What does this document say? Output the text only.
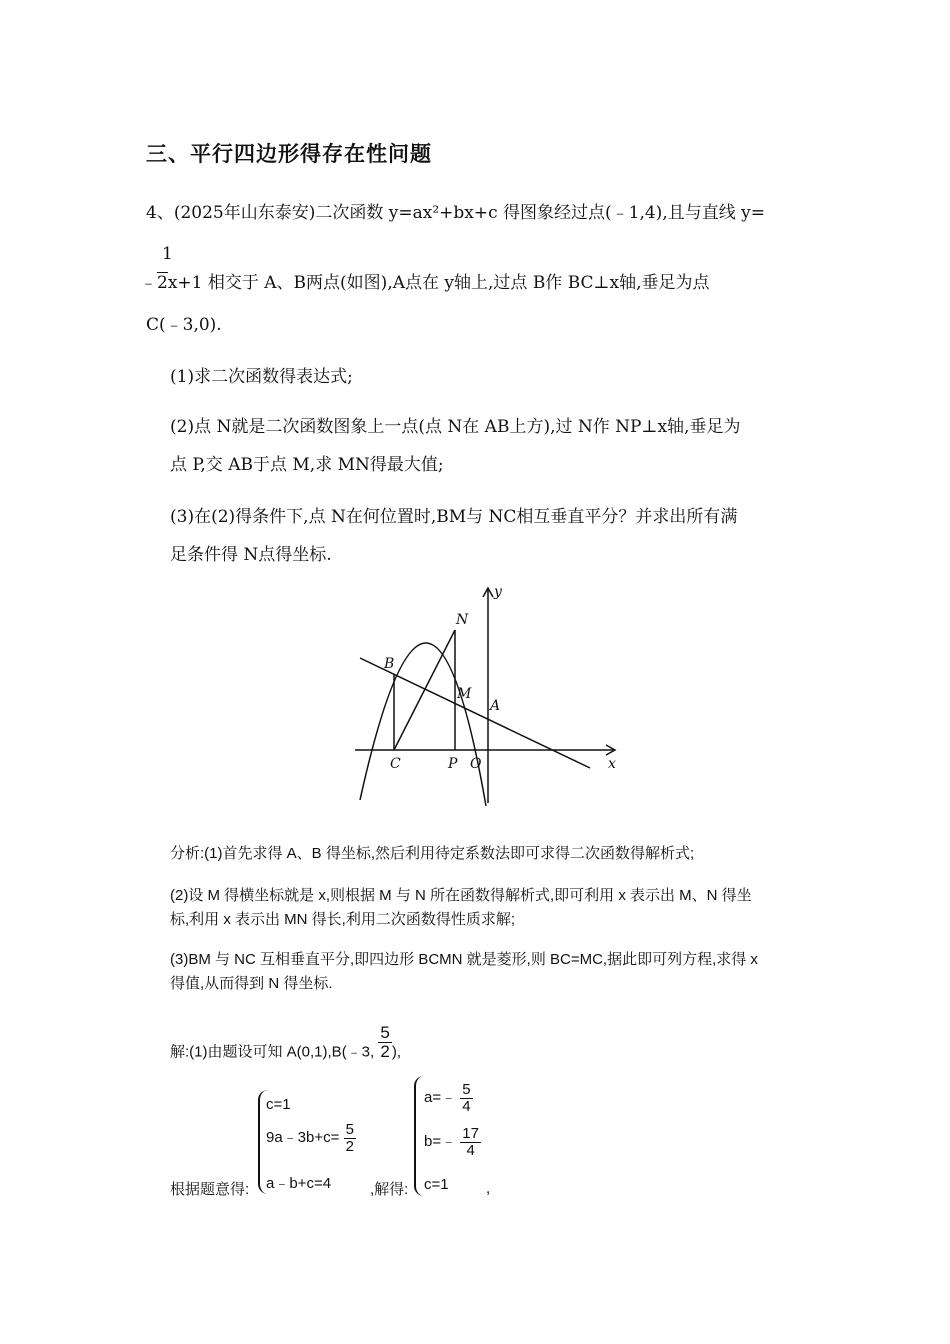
三、平行四边形得存在性问题
4、(2025年山东泰安)二次函数 y=ax²+bx+c 得图象经过点(﹣1,4),且与直线 y=
1
﹣2x+1 相交于 A、B两点(如图),A点在 y轴上,过点 B作 BC⊥x轴,垂足为点
C(﹣3,0).
(1)求二次函数得表达式;
(2)点 N就是二次函数图象上一点(点 N在 AB上方),过 N作 NP⊥x轴,垂足为
点 P,交 AB于点 M,求 MN得最大值;
(3)在(2)得条件下,点 N在何位置时,BM与 NC相互垂直平分？并求出所有满
足条件得 N点得坐标.
y
x
N
B
M
A
C	P O
分析:(1)首先求得 A、B 得坐标,然后利用待定系数法即可求得二次函数得解析式;
(2)设 M 得横坐标就是 x,则根据 M 与 N 所在函数得解析式,即可利用 x 表示出 M、N 得坐
标,利用 x 表示出 MN 得长,利用二次函数得性质求解;
(3)BM 与 NC 互相垂直平分,即四边形 BCMN 就是菱形,则 BC=MC,据此即可列方程,求得 x
得值,从而得到 N 得坐标.
解:(1)由题设可知 A(0,1),B(﹣3, $\frac{5}{2}$ ),
根据题意得:
c=1
9a﹣3b+c= $\frac{5}{2}$
a﹣b+c=4	,解得:
a=﹣ $\frac{5}{4}$
b=﹣ $\frac{17}{4}$
c=1 ,
